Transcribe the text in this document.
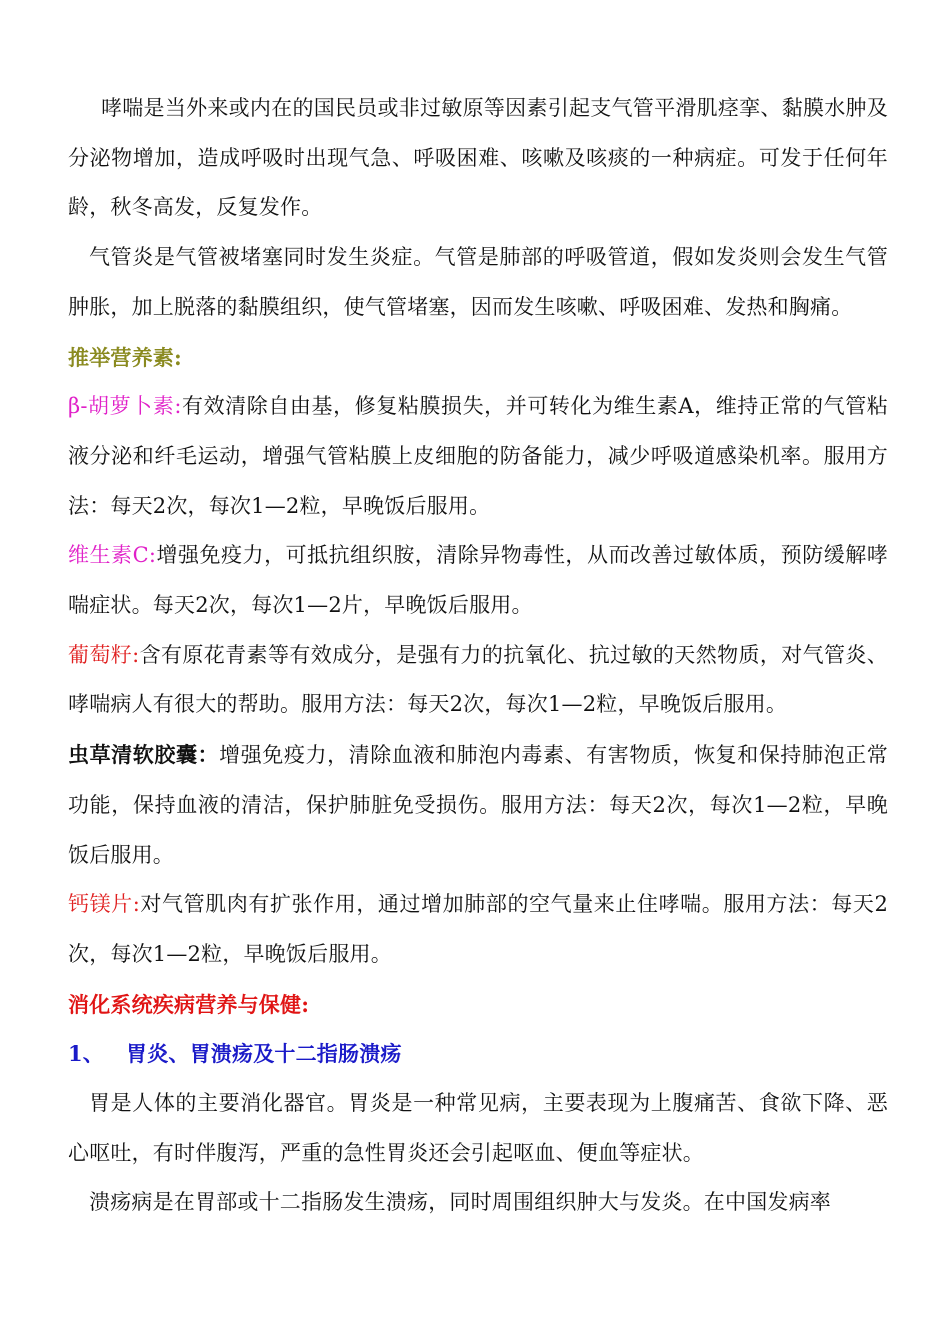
哮喘是当外来或内在的国民员或非过敏原等因素引起支气管平滑肌痉挛、黏膜水肿及分泌物增加，造成呼吸时出现气急、呼吸困难、咳嗽及咳痰的一种病症。可发于任何年龄，秋冬高发，反复发作。

气管炎是气管被堵塞同时发生炎症。气管是肺部的呼吸管道，假如发炎则会发生气管肿胀，加上脱落的黏膜组织，使气管堵塞，因而发生咳嗽、呼吸困难、发热和胸痛。

推举营养素:

β-胡萝卜素:有效清除自由基，修复粘膜损失，并可转化为维生素A，维持正常的气管粘液分泌和纤毛运动，增强气管粘膜上皮细胞的防备能力，减少呼吸道感染机率。服用方法：每天2次，每次1—2粒，早晚饭后服用。

维生素C:增强免疫力，可抵抗组织胺，清除异物毒性，从而改善过敏体质，预防缓解哮喘症状。每天2次，每次1—2片，早晚饭后服用。

葡萄籽:含有原花青素等有效成分，是强有力的抗氧化、抗过敏的天然物质，对气管炎、哮喘病人有很大的帮助。服用方法：每天2次，每次1—2粒，早晚饭后服用。

虫草清软胶囊：增强免疫力，清除血液和肺泡内毒素、有害物质，恢复和保持肺泡正常功能，保持血液的清洁，保护肺脏免受损伤。服用方法：每天2次，每次1—2粒，早晚饭后服用。

钙镁片:对气管肌肉有扩张作用，通过增加肺部的空气量来止住哮喘。服用方法：每天2次，每次1—2粒，早晚饭后服用。

消化系统疾病营养与保健:

1、 胃炎、胃溃疡及十二指肠溃疡

胃是人体的主要消化器官。胃炎是一种常见病，主要表现为上腹痛苦、食欲下降、恶心呕吐，有时伴腹泻，严重的急性胃炎还会引起呕血、便血等症状。

溃疡病是在胃部或十二指肠发生溃疡，同时周围组织肿大与发炎。在中国发病率
